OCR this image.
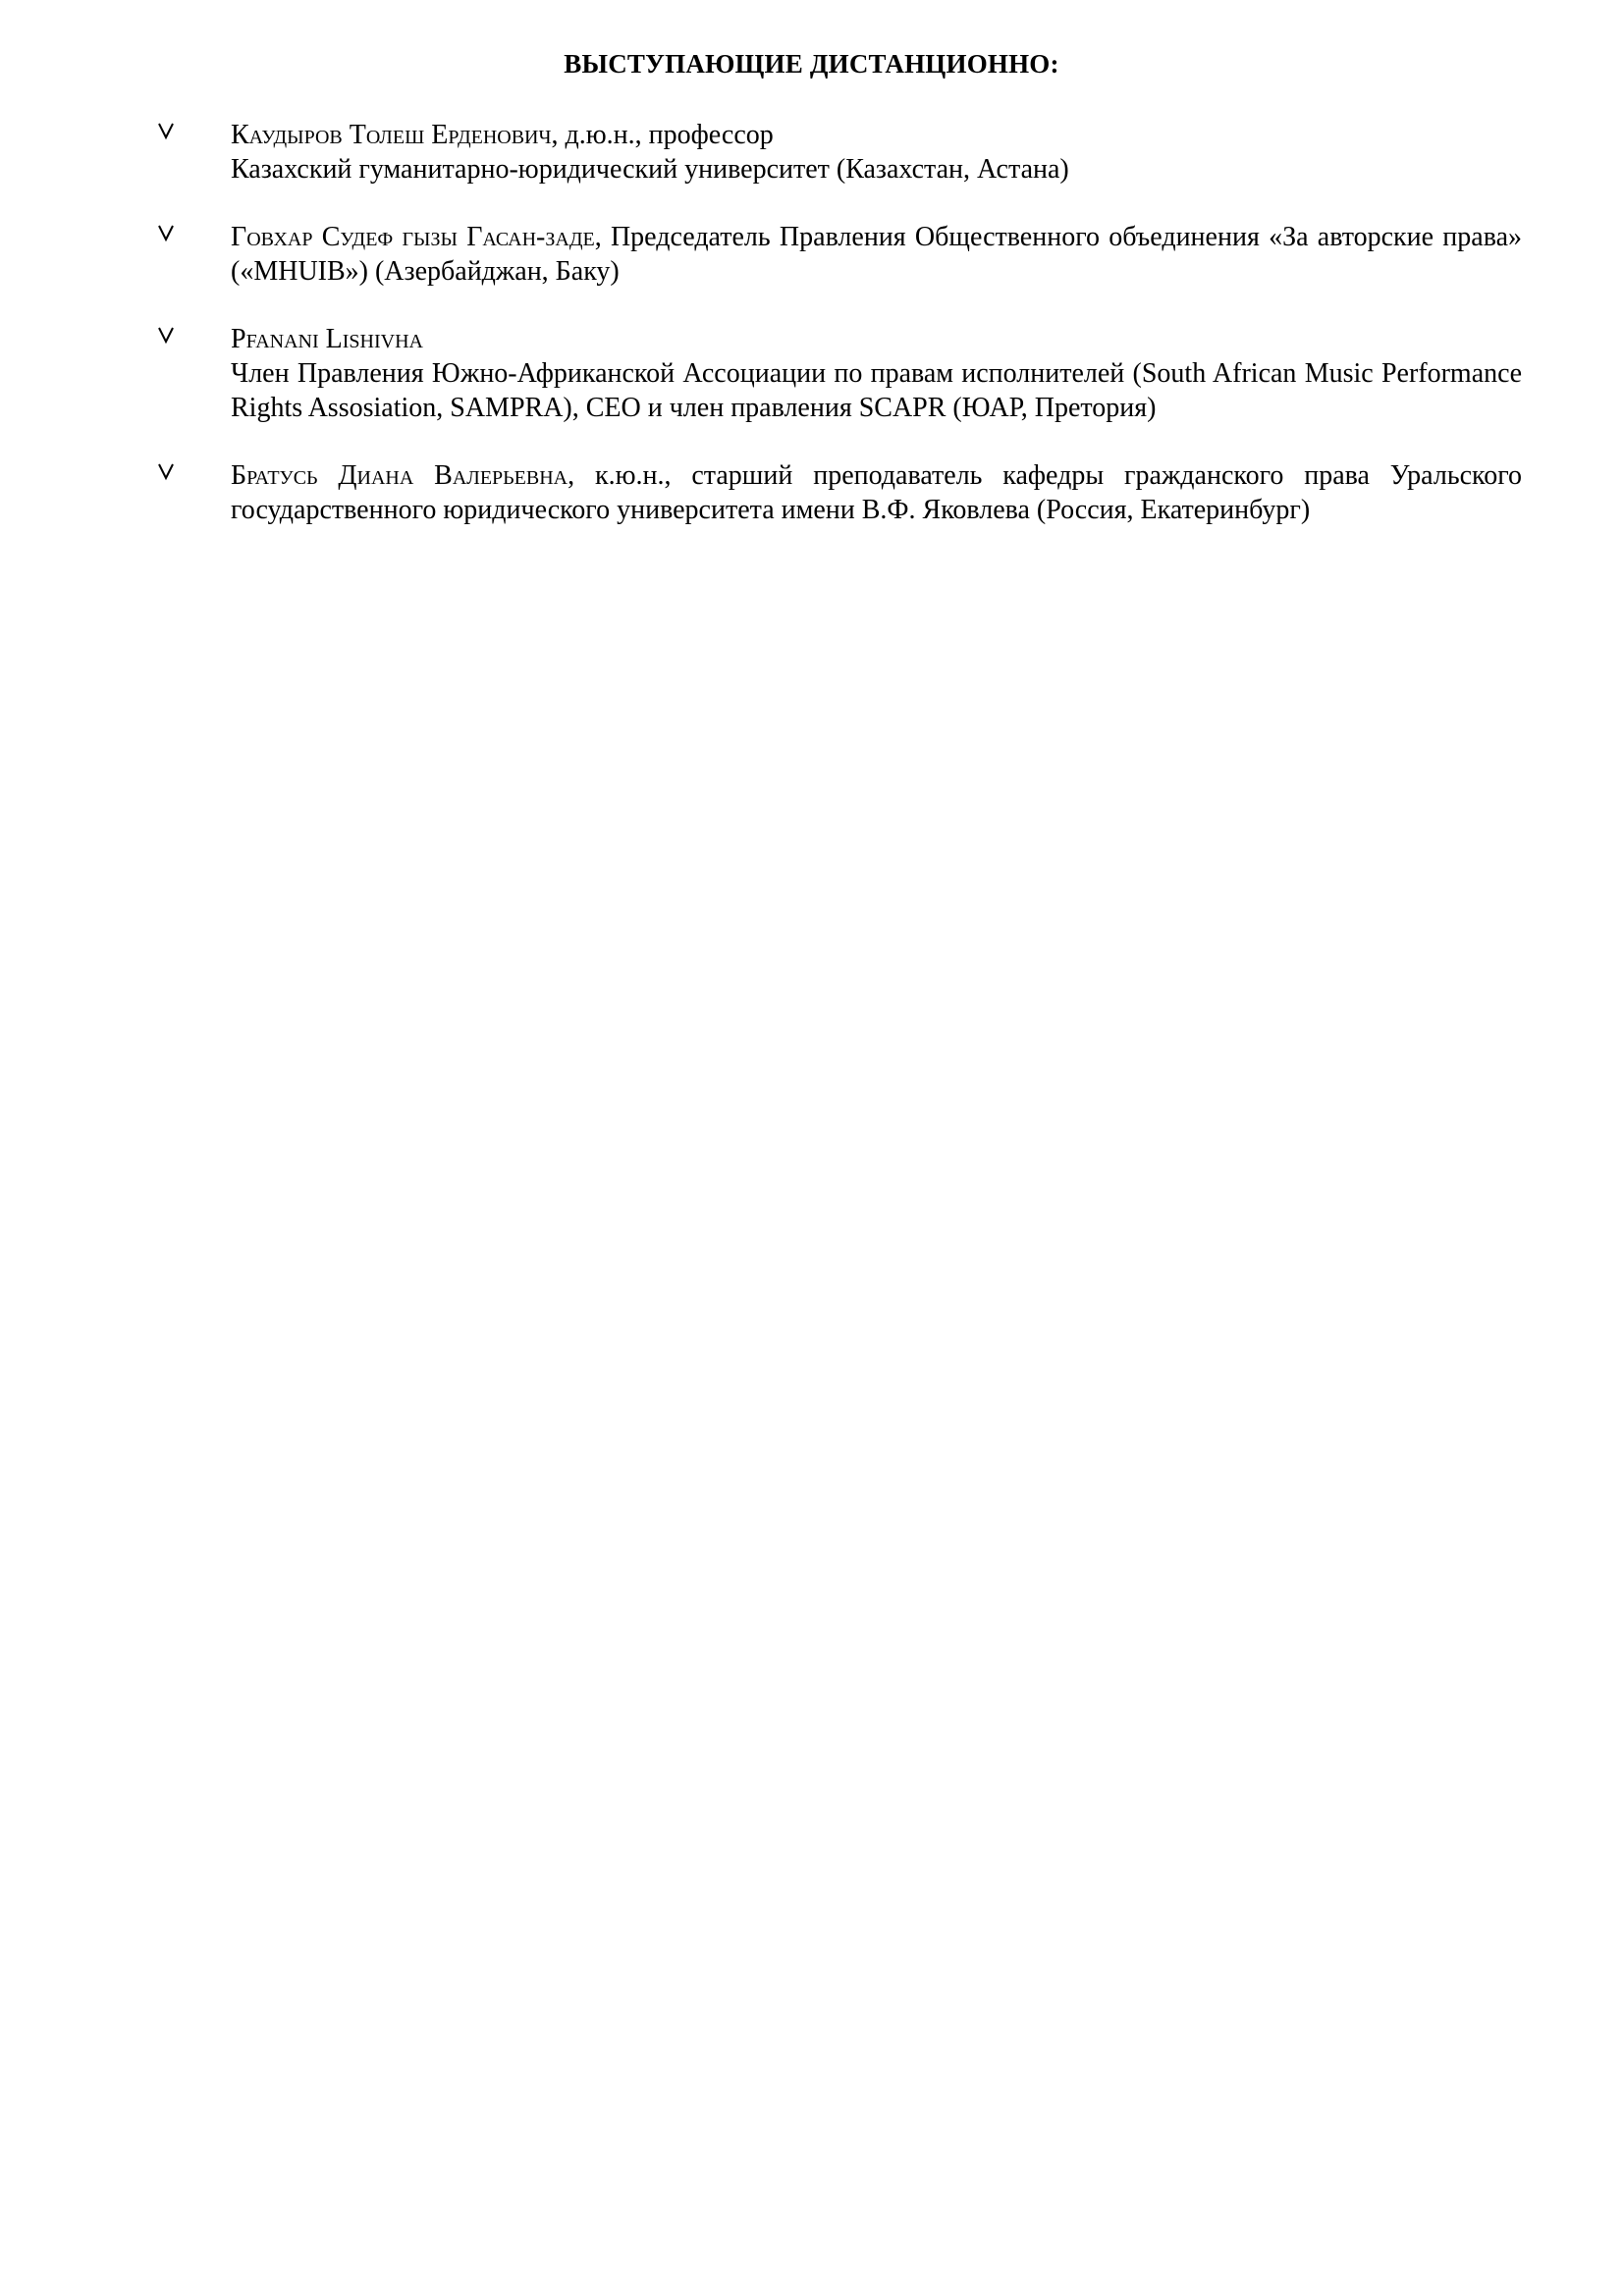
ВЫСТУПАЮЩИЕ ДИСТАНЦИОННО:
Каудыров Толеш Ерденович, д.ю.н., профессор
Казахский гуманитарно-юридический университет (Казахстан, Астана)
Говхар Судеф гызы Гасан-заде, Председатель Правления Общественного объединения «За авторские права» («MHUIB») (Азербайджан, Баку)
Pfanani Lishivha
Член Правления Южно-Африканской Ассоциации по правам исполнителей (South African Music Performance Rights Assosiation, SAMPRA), CEO и член правления SCAPR (ЮАР, Претория)
Братусь Диана Валерьевна, к.ю.н., старший преподаватель кафедры гражданского права Уральского государственного юридического университета имени В.Ф. Яковлева (Россия, Екатеринбург)
